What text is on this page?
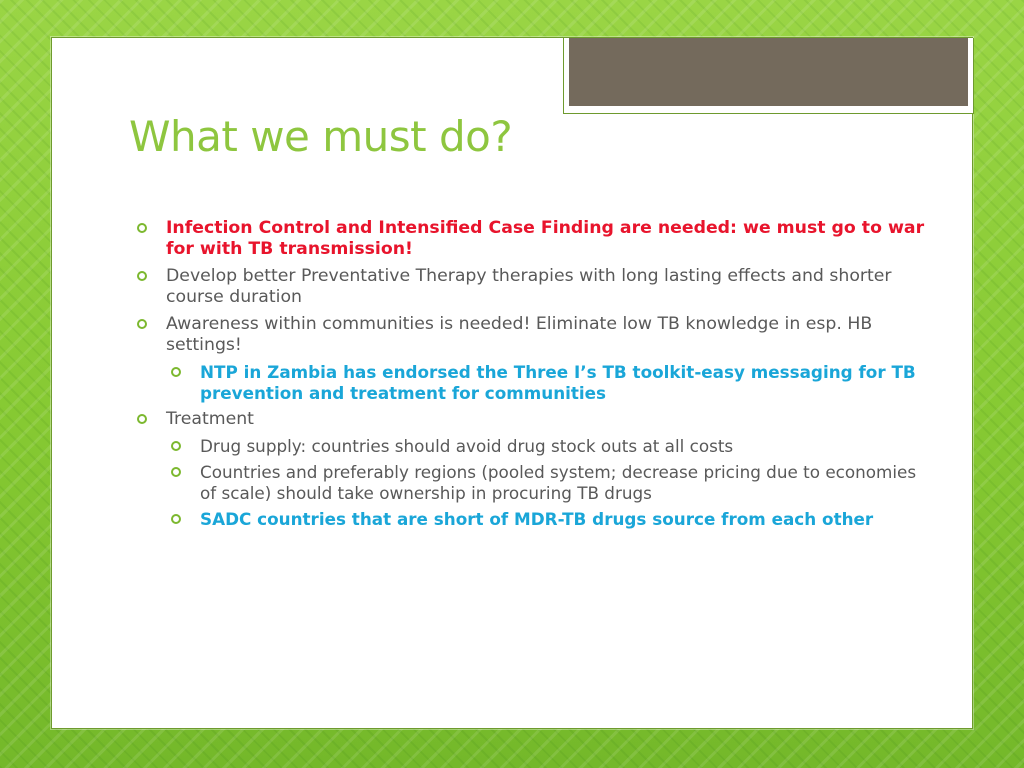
What we must do?
Infection Control and Intensified Case Finding are needed: we must go to war for with TB transmission!
Develop better Preventative Therapy therapies with long lasting effects and shorter course duration
Awareness within communities is needed! Eliminate low TB knowledge in esp. HB settings!
NTP in Zambia has endorsed the Three I’s TB toolkit-easy messaging for TB prevention and treatment for communities
Treatment
Drug supply: countries should avoid drug stock outs at all costs
Countries and preferably regions (pooled system; decrease pricing due to economies of scale) should take ownership in procuring TB drugs
SADC countries that are short of MDR-TB drugs source from each other
